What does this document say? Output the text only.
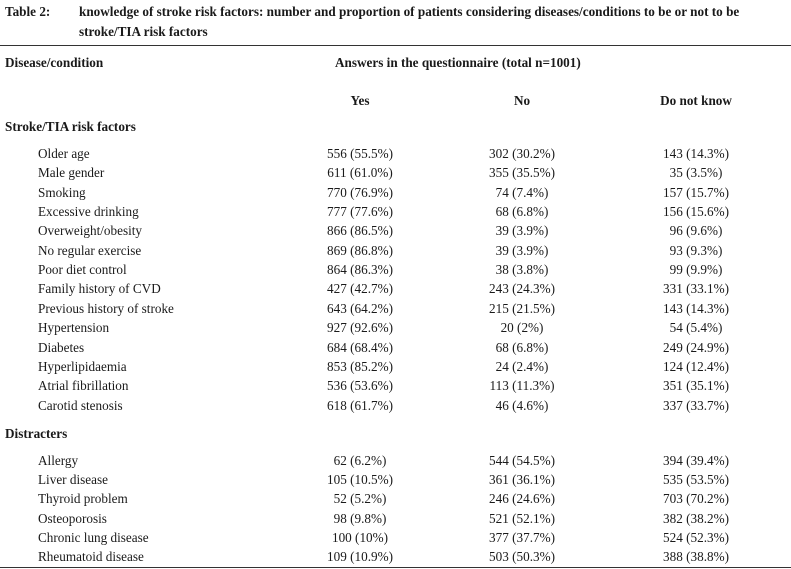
Table 2: knowledge of stroke risk factors: number and proportion of patients considering diseases/conditions to be or not to be stroke/TIA risk factors
Disease/condition	Answers in the questionnaire (total n=1001)
Yes	No	Do not know
Stroke/TIA risk factors
Older age	556 (55.5%)	302 (30.2%)	143 (14.3%)
Male gender	611 (61.0%)	355 (35.5%)	35 (3.5%)
Smoking	770 (76.9%)	74 (7.4%)	157 (15.7%)
Excessive drinking	777 (77.6%)	68 (6.8%)	156 (15.6%)
Overweight/obesity	866 (86.5%)	39 (3.9%)	96 (9.6%)
No regular exercise	869 (86.8%)	39 (3.9%)	93 (9.3%)
Poor diet control	864 (86.3%)	38 (3.8%)	99 (9.9%)
Family history of CVD	427 (42.7%)	243 (24.3%)	331 (33.1%)
Previous history of stroke	643 (64.2%)	215 (21.5%)	143 (14.3%)
Hypertension	927 (92.6%)	20 (2%)	54 (5.4%)
Diabetes	684 (68.4%)	68 (6.8%)	249 (24.9%)
Hyperlipidaemia	853 (85.2%)	24 (2.4%)	124 (12.4%)
Atrial fibrillation	536 (53.6%)	113 (11.3%)	351 (35.1%)
Carotid stenosis	618 (61.7%)	46 (4.6%)	337 (33.7%)
Distracters
Allergy	62 (6.2%)	544 (54.5%)	394 (39.4%)
Liver disease	105 (10.5%)	361 (36.1%)	535 (53.5%)
Thyroid problem	52 (5.2%)	246 (24.6%)	703 (70.2%)
Osteoporosis	98 (9.8%)	521 (52.1%)	382 (38.2%)
Chronic lung disease	100 (10%)	377 (37.7%)	524 (52.3%)
Rheumatoid disease	109 (10.9%)	503 (50.3%)	388 (38.8%)
